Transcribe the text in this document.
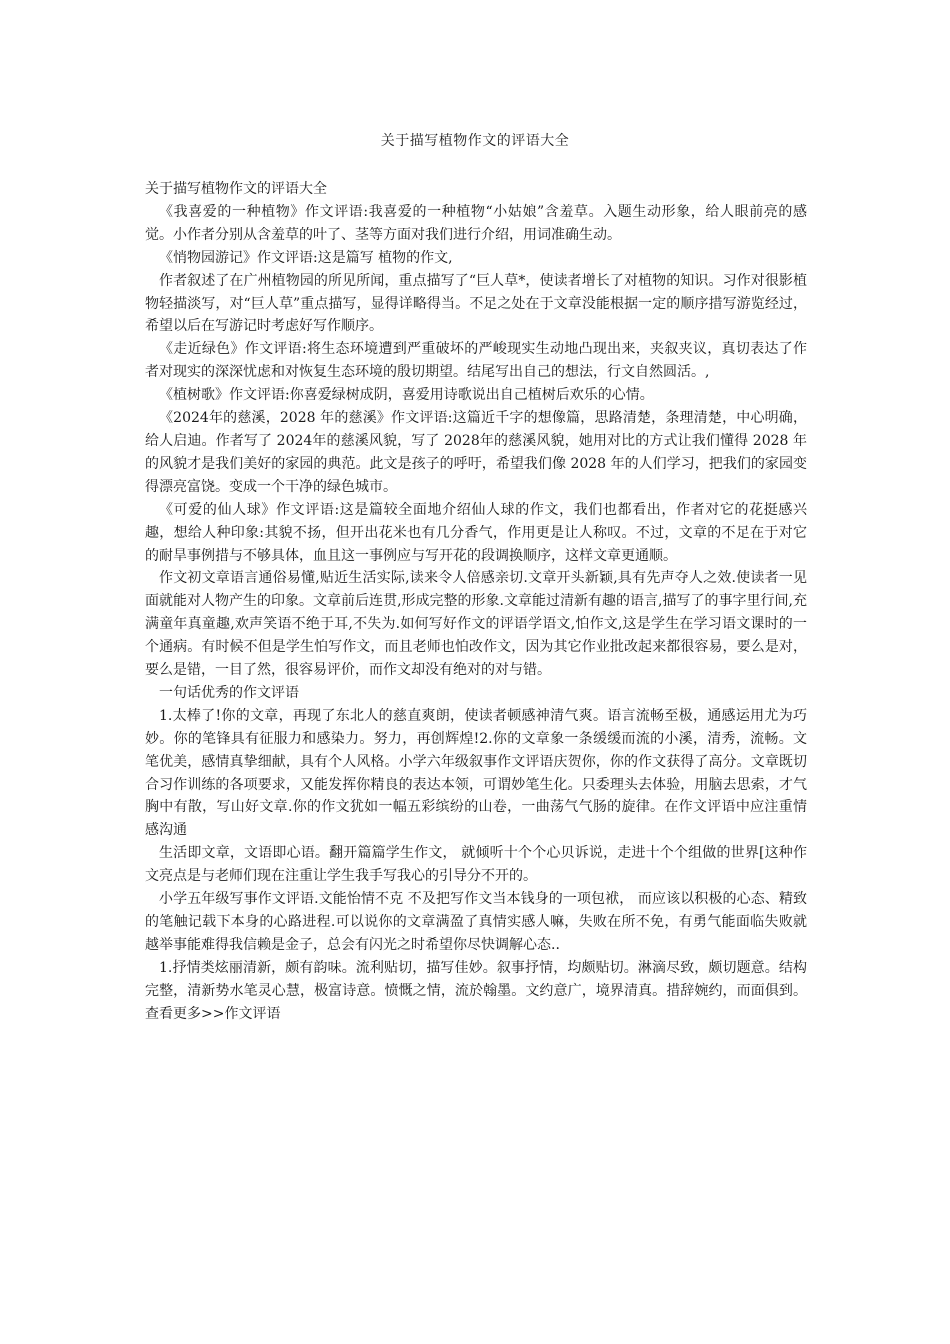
关于描写植物作文的评语大全

关于描写植物作文的评语大全

《我喜爱的一种植物》作文评语:我喜爱的一种植物“小姑娘”含羞草。入题生动形象，给人眼前亮的感觉。小作者分别从含羞草的叶了、茎等方面对我们进行介绍，用词准确生动。

《悄物园游记》作文评语:这是篇写 植物的作文,

作者叙述了在广州植物园的所见所闻，重点描写了“巨人草*，使读者增长了对植物的知识。习作对很影植物轻描淡写，对“巨人草”重点描写，显得详略得当。不足之处在于文章没能根据一定的顺序措写游览经过，希望以后在写游记时考虑好写作顺序。

《走近绿色》作文评语:将生态环境遭到严重破坏的严峻现实生动地凸现出来，夹叙夹议，真切表达了作者对现实的深深忧虑和对恢复生态环境的殷切期望。结尾写出自己的想法，行文自然圆活。,

《植树歌》作文评语:你喜爱绿树成阴，喜爱用诗歌说出自己植树后欢乐的心情。

《2024年的慈溪，2028 年的慈溪》作文评语:这篇近千字的想像篇，思路清楚，条理清楚，中心明确，给人启迪。作者写了 2024年的慈溪风貌，写了 2028年的慈溪风貌，她用对比的方式让我们懂得 2028 年的风貌才是我们美好的家园的典范。此文是孩子的呼吁，希望我们像 2028 年的人们学习，把我们的家园变得漂亮富饶。变成一个干净的绿色城市。

《可爱的仙人球》作文评语:这是篇较全面地介绍仙人球的作文，我们也都看出，作者对它的花挺感兴趣，想给人种印象:其貌不扬，但开出花米也有几分香气，作用更是让人称叹。不过，文章的不足在于对它的耐旱事例措与不够具体，血且这一事例应与写开花的段调换顺序，这样文章更通顺。

作文初文章语言通俗易懂,贴近生活实际,读来令人倍感亲切.文章开头新颖,具有先声夺人之效.使读者一见面就能对人物产生的印象。文章前后连贯,形成完整的形象.文章能过清新有趣的语言,描写了的事字里行间,充满童年真童趣,欢声笑语不绝于耳,不失为.如何写好作文的评语学语文,怕作文,这是学生在学习语文课时的一个通病。有时候不但是学生怕写作文，而且老师也怕改作文，因为其它作业批改起来都很容易，要么是对，要么是错，一目了然，很容易评价，而作文却没有绝对的对与错。

一句话优秀的作文评语

1.太棒了!你的文章，再现了东北人的慈直爽朗，使读者顿感神清气爽。语言流畅至极，通感运用尤为巧妙。你的笔锋具有征服力和感染力。努力，再创辉煌!2.你的文章象一条缓缓而流的小溪，清秀，流畅。文笔优美，感情真挚细献，具有个人风格。小学六年级叙事作文评语庆贺你，你的作文获得了高分。文章既切合习作训练的各项要求，又能发挥你精良的表达本领，可谓妙笔生化。只委理头去体验，用脑去思索，才气胸中有散，写山好文章.你的作文犹如一幅五彩缤纷的山卷，一曲荡气气肠的旋律。在作文评语中应注重情感沟通

生活即文章，文语即心语。翻开篇篇学生作文， 就倾听十个个心贝诉说，走进十个个组做的世界[这种作文亮点是与老师们现在注重让学生我手写我心的引导分不开的。

小学五年级写事作文评语.文能怡情不克 不及把写作文当本钱身的一项包袱， 而应该以积极的心态、精致的笔触记载下本身的心路进程.可以说你的文章满盈了真情实感人嘛，失败在所不免，有勇气能面临失败就越举事能难得我信赖是金子，总会有闪光之时希望你尽快调解心态..

1.抒情类炫丽清新，颇有韵味。流利贴切，描写佳妙。叙事抒情，均颇贴切。淋滴尽致，颇切题意。结构完整，清新势水笔灵心慧，极富诗意。愤慨之情，流於翰墨。文约意广，境界清真。措辞婉约，而面俱到。查看更多>>作文评语
